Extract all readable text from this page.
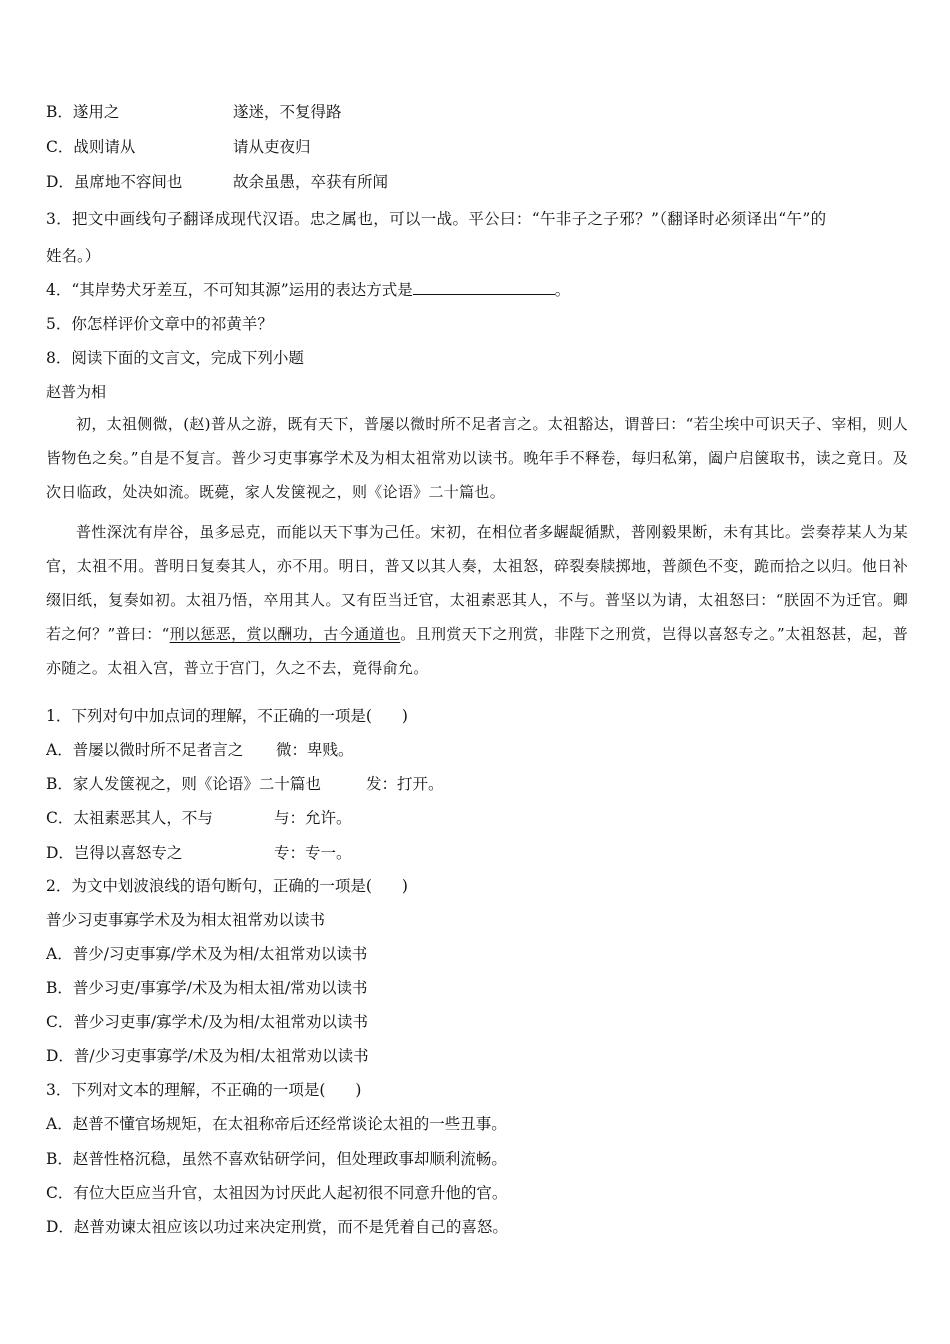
B．遂用之	遂迷，不复得路
C．战则请从	请从吏夜归
D．虽席地不容间也	故余虽愚，卒获有所闻
3．把文中画线句子翻译成现代汉语。忠之属也，可以一战。平公曰：“午非子之子邪？”（翻译时必须译出“午”的
姓名。）
4．“其岸势犬牙差互，不可知其源”运用的表达方式是	。
5．你怎样评价文章中的祁黄羊？
8．阅读下面的文言文，完成下列小题
赵普为相

初，太祖侧微，(赵)普从之游，既有天下，普屡以微时所不足者言之。太祖豁达，谓普曰：“若尘埃中可识天子、宰相，则人皆物色之矣。”自是不复言。普少习吏事寡学术及为相太祖常劝以读书。晚年手不释卷，每归私第，阖户启箧取书，读之竟日。及次日临政，处决如流。既薨，家人发箧视之，则《论语》二十篇也。

普性深沈有岸谷，虽多忌克，而能以天下事为己任。宋初，在相位者多龌龊循默，普刚毅果断，未有其比。尝奏荐某人为某官，太祖不用。普明日复奏其人，亦不用。明日，普又以其人奏，太祖怒，碎裂奏牍掷地，普颜色不变，跪而拾之以归。他日补缀旧纸，复奏如初。太祖乃悟，卒用其人。又有臣当迁官，太祖素恶其人，不与。普坚以为请，太祖怒曰：“朕固不为迁官。卿若之何？”普曰：“刑以惩恶，赏以酬功，古今通道也。且刑赏天下之刑赏，非陛下之刑赏，岂得以喜怒专之。”太祖怒甚，起，普亦随之。太祖入宫，普立于宫门，久之不去，竟得俞允。

1．下列对句中加点词的理解，不正确的一项是( )
A．普屡以微时所不足者言之 微：卑贱。
B．家人发箧视之，则《论语》二十篇也	发：打开。
C．太祖素恶其人，不与	与：允许。
D．岂得以喜怒专之	专：专一。
2．为文中划波浪线的语句断句，正确的一项是( )
普少习吏事寡学术及为相太祖常劝以读书
A．普少/习吏事寡/学术及为相/太祖常劝以读书
B．普少习吏/事寡学/术及为相太祖/常劝以读书
C．普少习吏事/寡学术/及为相/太祖常劝以读书
D．普/少习吏事寡学/术及为相/太祖常劝以读书
3．下列对文本的理解，不正确的一项是( )
A．赵普不懂官场规矩，在太祖称帝后还经常谈论太祖的一些丑事。
B．赵普性格沉稳，虽然不喜欢钻研学问，但处理政事却顺利流畅。
C．有位大臣应当升官，太祖因为讨厌此人起初很不同意升他的官。
D．赵普劝谏太祖应该以功过来决定刑赏，而不是凭着自己的喜怒。
